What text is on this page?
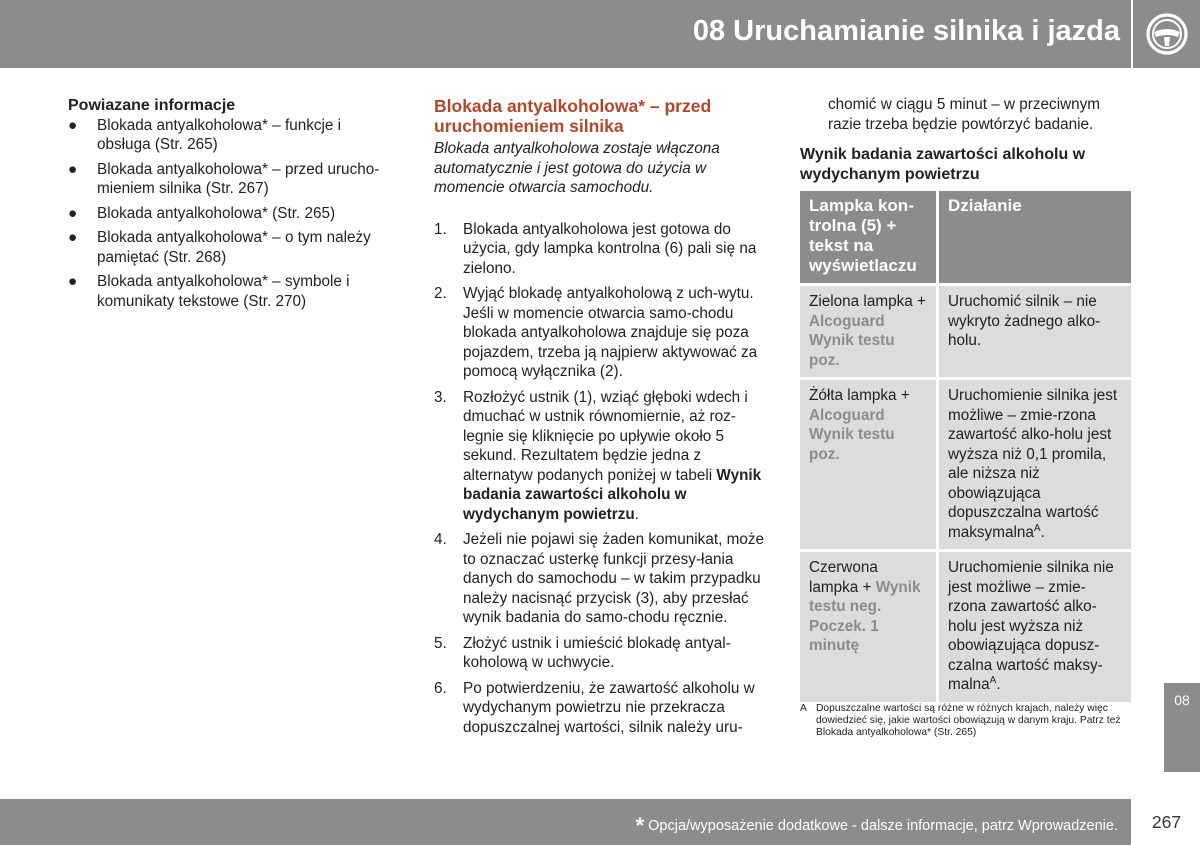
08 Uruchamianie silnika i jazda
Powiazane informacje
● Blokada antyalkoholowa* – funkcje i obsługa (Str. 265)
● Blokada antyalkoholowa* – przed urucho-mieniem silnika (Str. 267)
● Blokada antyalkoholowa* (Str. 265)
● Blokada antyalkoholowa* – o tym należy pamiętać (Str. 268)
● Blokada antyalkoholowa* – symbole i komunikaty tekstowe (Str. 270)
Blokada antyalkoholowa* – przed uruchomieniem silnika
Blokada antyalkoholowa zostaje włączona automatycznie i jest gotowa do użycia w momencie otwarcia samochodu.
1. Blokada antyalkoholowa jest gotowa do użycia, gdy lampka kontrolna (6) pali się na zielono.
2. Wyjąć blokadę antyalkoholową z uch-wytu. Jeśli w momencie otwarcia samo-chodu blokada antyalkoholowa znajduje się poza pojazdem, trzeba ją najpierw aktywować za pomocą wyłącznika (2).
3. Rozłożyć ustnik (1), wziąć głęboki wdech i dmuchać w ustnik równomiernie, aż roz-legnie się kliknięcie po upływie około 5 sekund. Rezultatem będzie jedna z alternatyw podanych poniżej w tabeli Wynik badania zawartości alkoholu w wydychanym powietrzu.
4. Jeżeli nie pojawi się żaden komunikat, może to oznaczać usterkę funkcji przesy-łania danych do samochodu – w takim przypadku należy nacisnąć przycisk (3), aby przesłać wynik badania do samo-chodu ręcznie.
5. Złożyć ustnik i umieścić blokadę antyal-koholową w uchwycie.
6. Po potwierdzeniu, że zawartość alkoholu w wydychanym powietrzu nie przekracza dopuszczalnej wartości, silnik należy uru-
chomić w ciągu 5 minut – w przeciwnym razie trzeba będzie powtórzyć badanie.
Wynik badania zawartości alkoholu w wydychanym powietrzu
Lampka kon-trolna (5) + tekst na wyświetlaczu	Działanie
Zielona lampka + Alcoguard Wynik testu poz.	Uruchomić silnik – nie wykryto żadnego alko-holu.
Żółta lampka + Alcoguard Wynik testu poz.	Uruchomienie silnika jest możliwe – zmie-rzona zawartość alko-holu jest wyższa niż 0,1 promila, ale niższa niż obowiązująca dopuszczalna wartość maksymalna$^A$.
Czerwona lampka + Wynik testu neg. Poczek. 1 minutę	Uruchomienie silnika nie jest możliwe – zmie-rzona zawartość alko-holu jest wyższa niż obowiązująca dopusz-czalna wartość maksy-malna$^A$.
A Dopuszczalne wartości są różne w różnych krajach, należy więc dowiedzieć się, jakie wartości obowiązują w danym kraju. Patrz też Blokada antyalkoholowa* (Str. 265)
08
* Opcja/wyposażenie dodatkowe - dalsze informacje, patrz Wprowadzenie.	267
